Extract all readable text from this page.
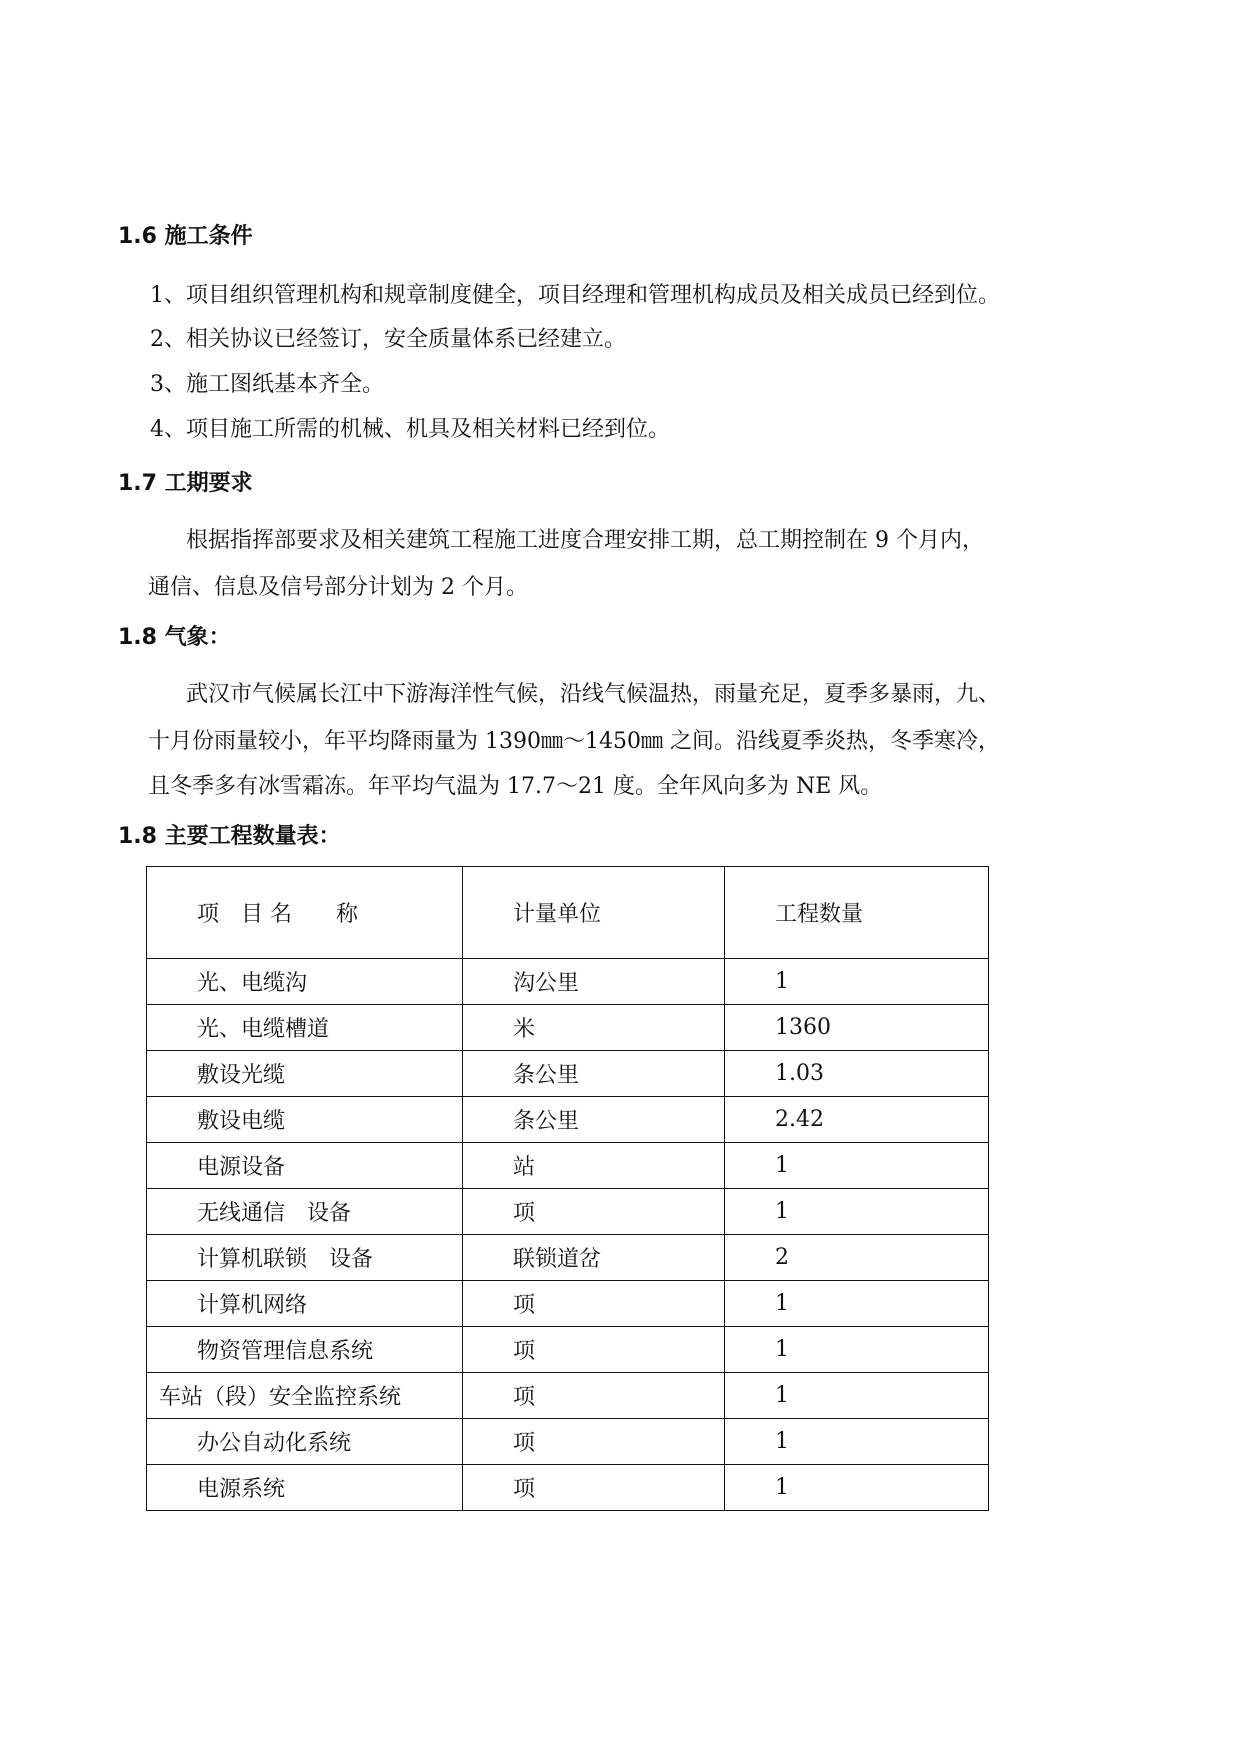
1.6 施工条件
1、项目组织管理机构和规章制度健全，项目经理和管理机构成员及相关成员已经到位。
2、相关协议已经签订，安全质量体系已经建立。
3、施工图纸基本齐全。
4、项目施工所需的机械、机具及相关材料已经到位。
1.7 工期要求
根据指挥部要求及相关建筑工程施工进度合理安排工期，总工期控制在 9 个月内，
通信、信息及信号部分计划为 2 个月。
1.8 气象：
武汉市气候属长江中下游海洋性气候，沿线气候温热，雨量充足，夏季多暴雨，九、
十月份雨量较小，年平均降雨量为 1390㎜～1450㎜ 之间。沿线夏季炎热，冬季寒冷，
且冬季多有冰雪霜冻。年平均气温为 17.7～21 度。全年风向多为 NE 风。
1.8 主要工程数量表：
项　目 名　　称	计量单位	工程数量
光、电缆沟	沟公里	1
光、电缆槽道	米	1360
敷设光缆	条公里	1.03
敷设电缆	条公里	2.42
电源设备	站	1
无线通信　设备	项	1
计算机联锁　设备	联锁道岔	2
计算机网络	项	1
物资管理信息系统	项	1
车站（段）安全监控系统	项	1
办公自动化系统	项	1
电源系统	项	1
